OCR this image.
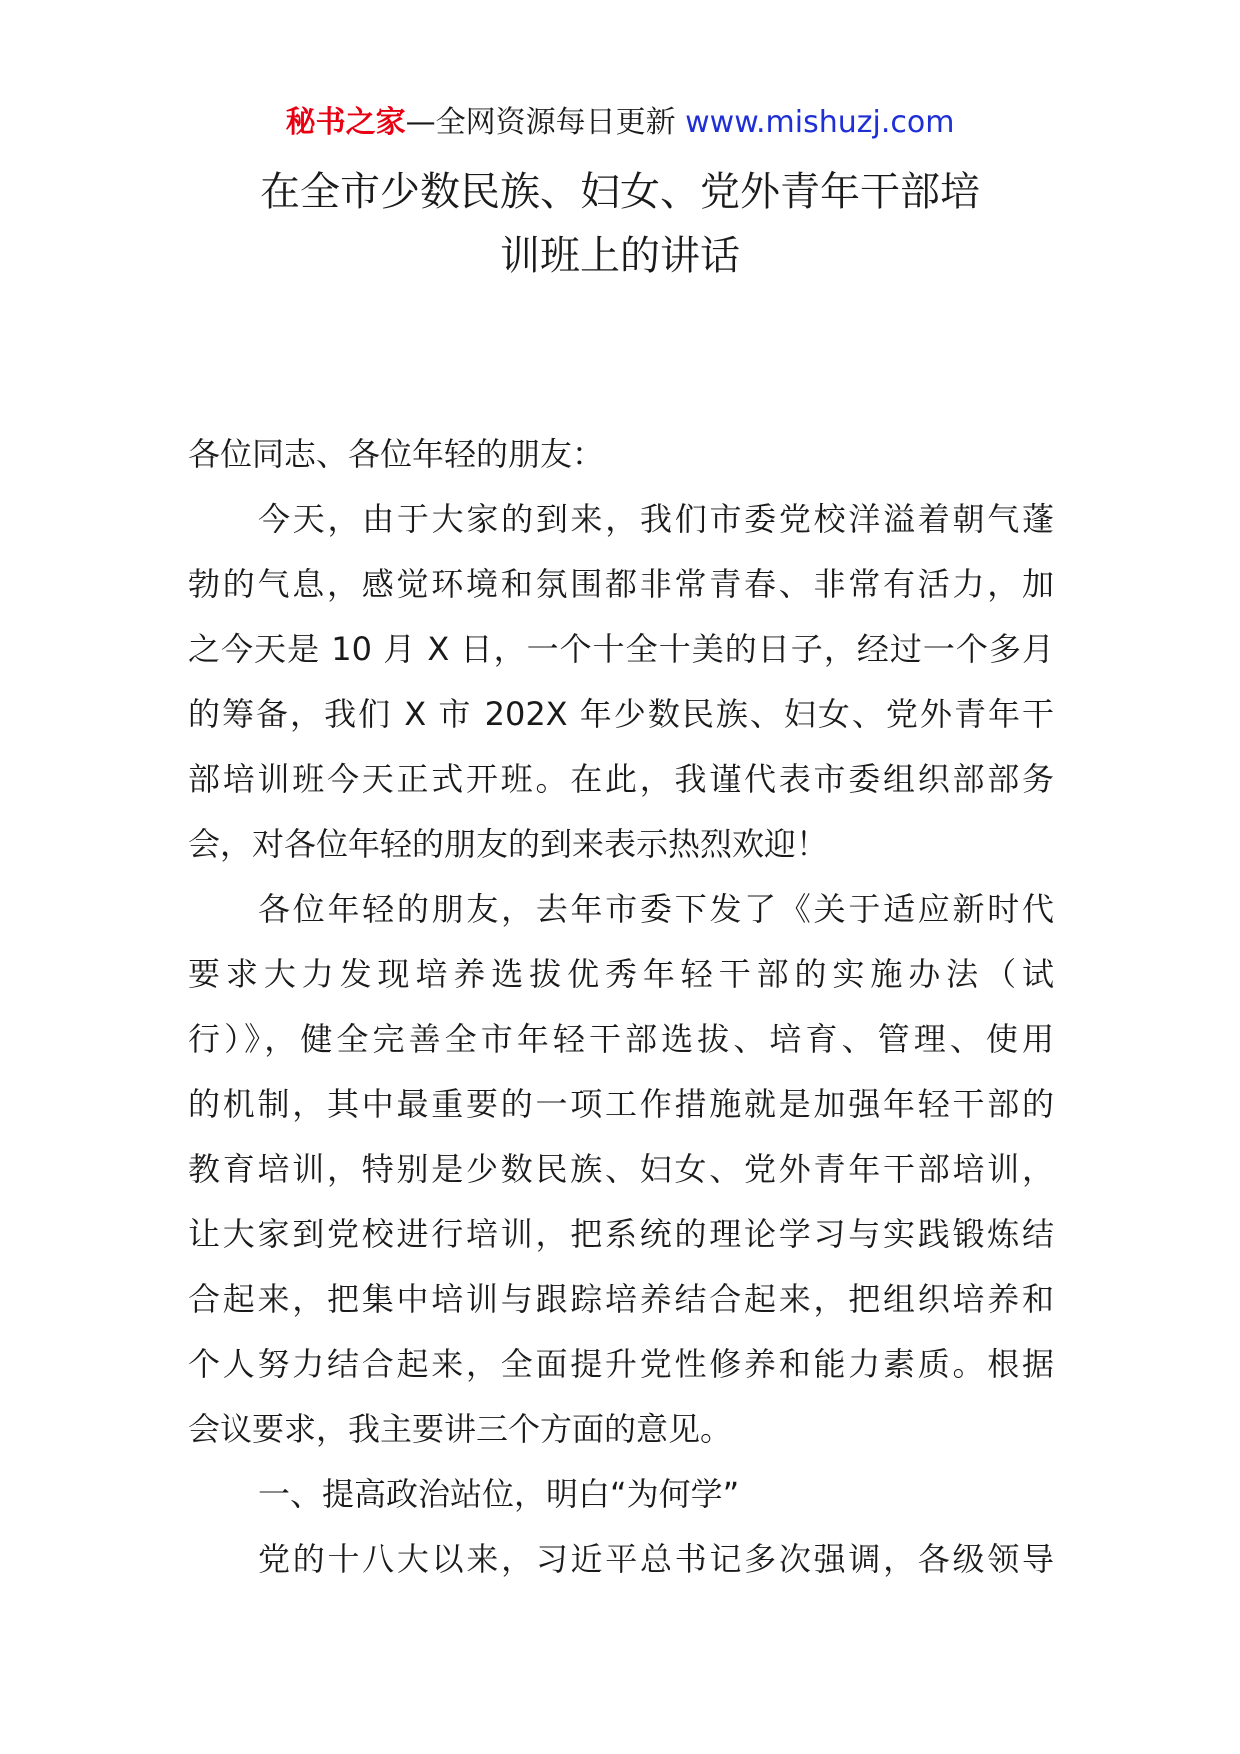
秘书之家—全网资源每日更新 www.mishuzj.com
在全市少数民族、妇女、党外青年干部培
训班上的讲话
各位同志、各位年轻的朋友：
今天，由于大家的到来，我们市委党校洋溢着朝气蓬
勃的气息，感觉环境和氛围都非常青春、非常有活力，加
之今天是 10 月 X 日，一个十全十美的日子，经过一个多月
的筹备，我们 X 市 202X 年少数民族、妇女、党外青年干
部培训班今天正式开班。在此，我谨代表市委组织部部务
会，对各位年轻的朋友的到来表示热烈欢迎！
各位年轻的朋友，去年市委下发了《关于适应新时代
要求大力发现培养选拔优秀年轻干部的实施办法（试
行）》，健全完善全市年轻干部选拔、培育、管理、使用
的机制，其中最重要的一项工作措施就是加强年轻干部的
教育培训，特别是少数民族、妇女、党外青年干部培训，
让大家到党校进行培训，把系统的理论学习与实践锻炼结
合起来，把集中培训与跟踪培养结合起来，把组织培养和
个人努力结合起来，全面提升党性修养和能力素质。根据
会议要求，我主要讲三个方面的意见。
一、提高政治站位，明白“为何学”
党的十八大以来，习近平总书记多次强调，各级领导
